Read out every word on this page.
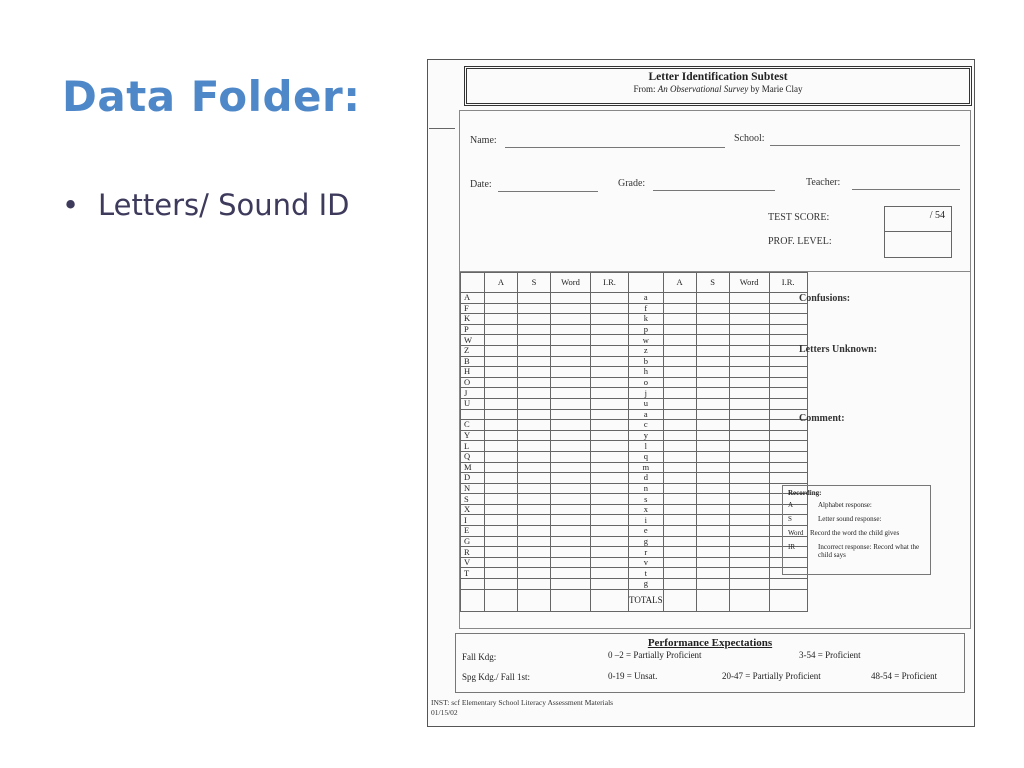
Data Folder:
• Letters/ Sound ID
Letter Identification Subtest
From: An Observational Survey by Marie Clay
Name:	School:
Date:	Grade:	Teacher:
TEST SCORE:
PROF. LEVEL:
/ 54
	A	S	Word	I.R.		A	S	Word	I.R.
A					a				
F					f				
K					k				
P					p				
W					w				
Z					z				
B					b				
H					h				
O					o				
J					j				
U					u				
					a				
C					c				
Y					y				
L					l				
Q					q				
M					m				
D					d				
N					n				
S					s				
X					x				
I					i				
E					e				
G					g				
R					r				
V					v				
T					t				
					g				
					TOTALS				
Confusions:
Letters Unknown:
Comment:
Recording:
A	Alphabet response:
S	Letter sound response:
Word Record the word the child gives
IR	Incorrect response: Record what the child says
Performance Expectations
Fall Kdg:	0 –2 = Partially Proficient	3-54 = Proficient
Spg Kdg./ Fall 1st:	0-19 = Unsat.	20-47 = Partially Proficient	48-54 = Proficient
INST: scf Elementary School Literacy Assessment Materials
01/15/02
